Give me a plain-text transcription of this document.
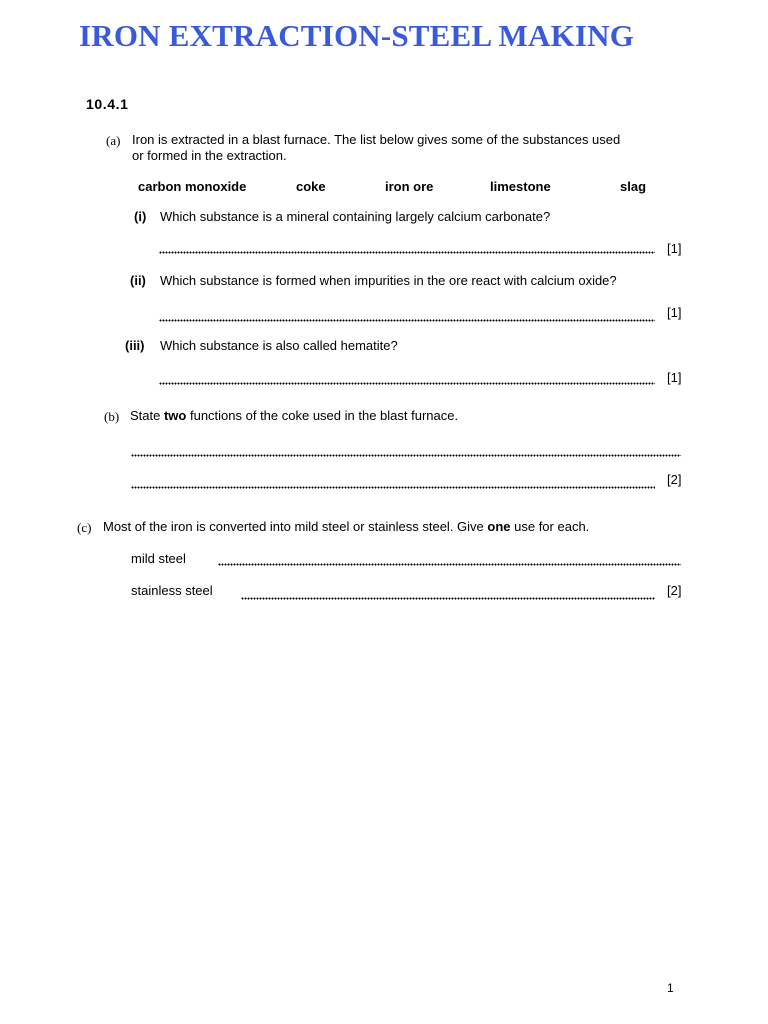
IRON EXTRACTION-STEEL MAKING
10.4.1
(a) Iron is extracted in a blast furnace. The list below gives some of the substances used
or formed in the extraction.
carbon monoxide	coke	iron ore	limestone	slag
(i) Which substance is a mineral containing largely calcium carbonate?
[1]
(ii) Which substance is formed when impurities in the ore react with calcium oxide?
[1]
(iii) Which substance is also called hematite?
[1]
(b) State two functions of the coke used in the blast furnace.
[2]
(c) Most of the iron is converted into mild steel or stainless steel. Give one use for each.
mild steel
stainless steel	[2]
1
